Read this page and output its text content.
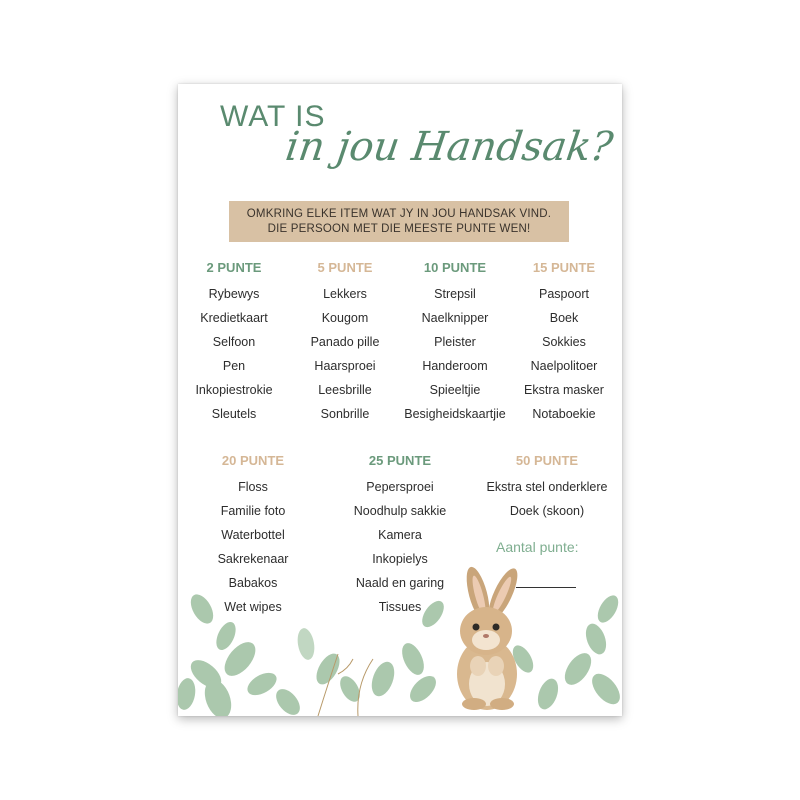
WAT IS
in jou Handsak?
OMKRING ELKE ITEM WAT JY IN JOU HANDSAK VIND.
DIE PERSOON MET DIE MEESTE PUNTE WEN!
2 PUNTE
Rybewys
Kredietkaart
Selfoon
Pen
Inkopiestrokie
Sleutels
5 PUNTE
Lekkers
Kougom
Panado pille
Haarsproei
Leesbrille
Sonbrille
10 PUNTE
Strepsil
Naelknipper
Pleister
Handeroom
Spieeltjie
Besigheidskaartjie
15 PUNTE
Paspoort
Boek
Sokkies
Naelpolitoer
Ekstra masker
Notaboekie
20 PUNTE
Floss
Familie foto
Waterbottel
Sakrekenaar
Babakos
Wet wipes
25 PUNTE
Pepersproei
Noodhulp sakkie
Kamera
Inkopielys
Naald en garing
Tissues
50 PUNTE
Ekstra stel onderklere
Doek (skoon)
Aantal punte:
